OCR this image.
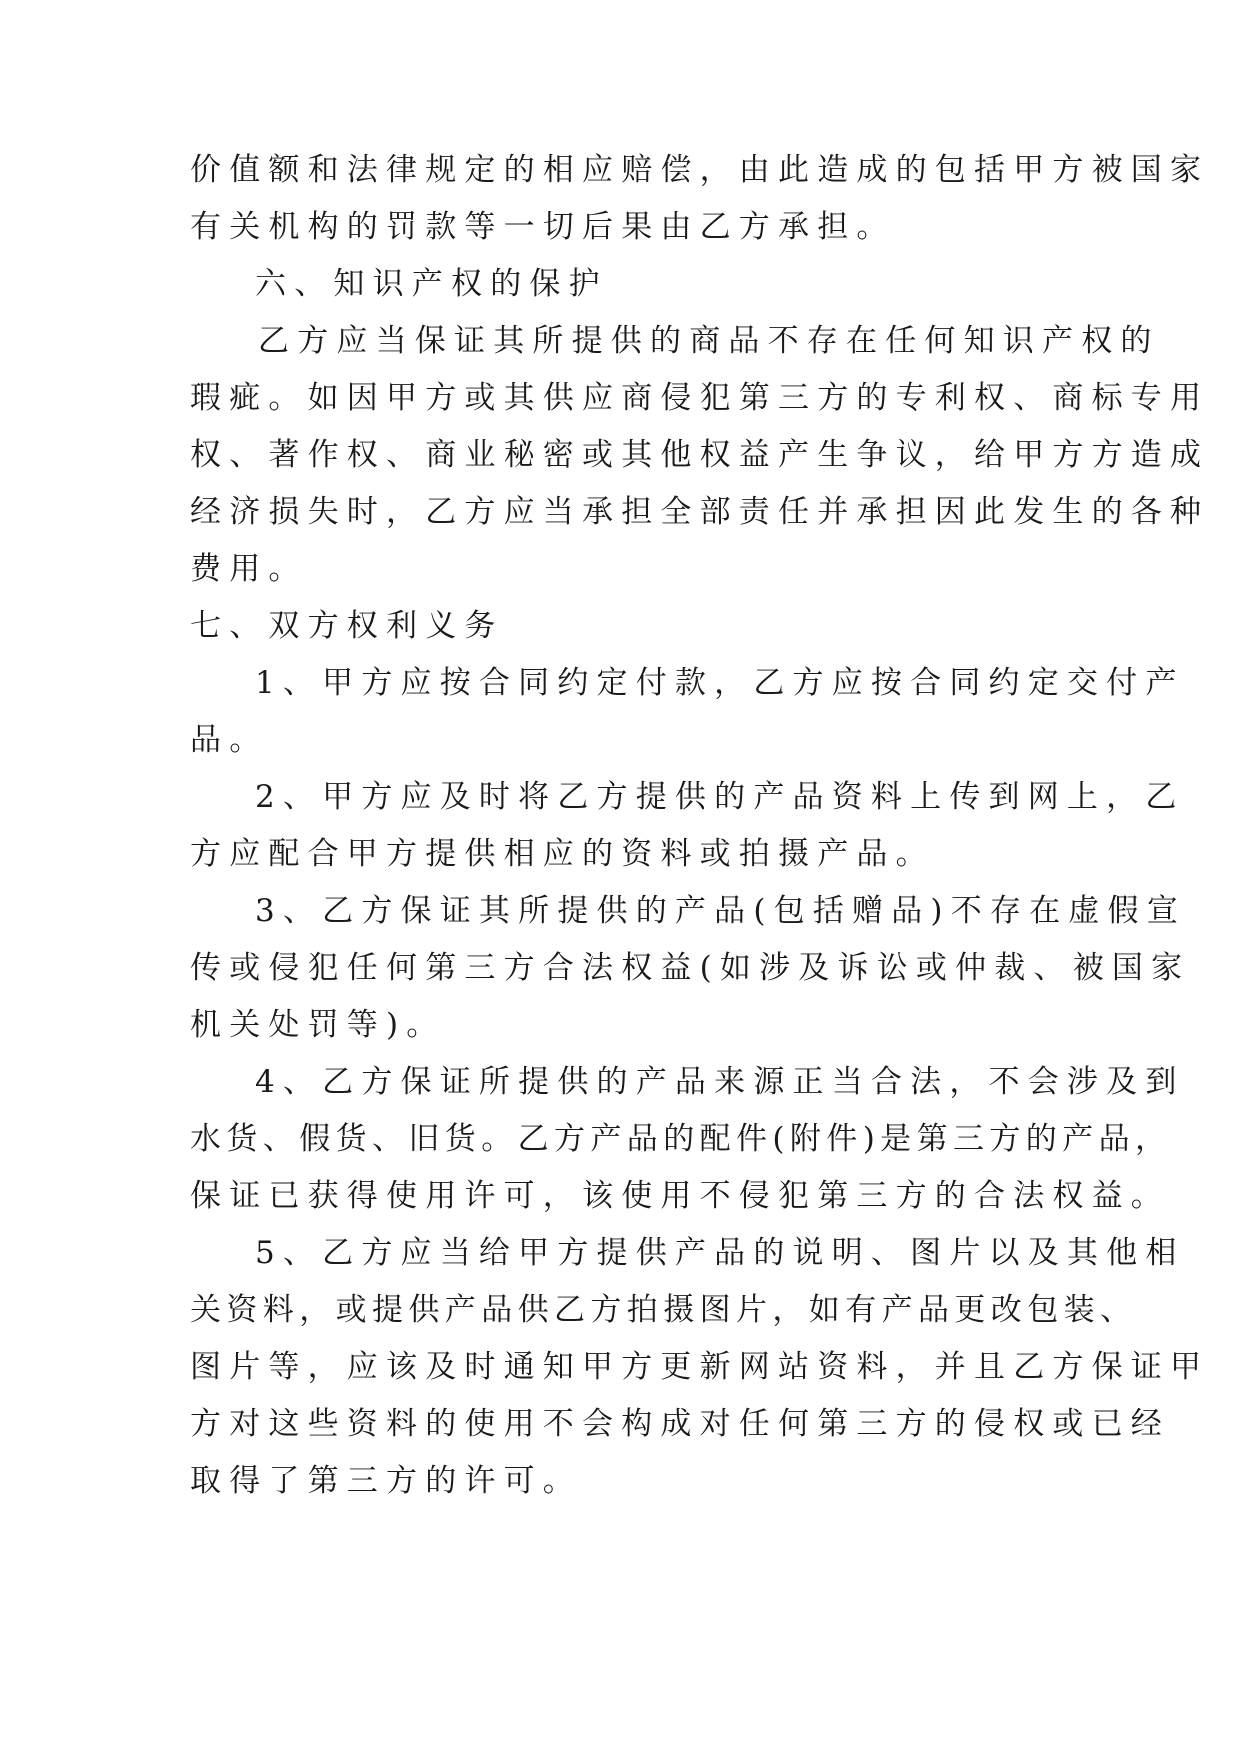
价值额和法律规定的相应赔偿，由此造成的包括甲方被国家
有关机构的罚款等一切后果由乙方承担。
六、知识产权的保护
乙方应当保证其所提供的商品不存在任何知识产权的
瑕疵。如因甲方或其供应商侵犯第三方的专利权、商标专用
权、著作权、商业秘密或其他权益产生争议，给甲方方造成
经济损失时，乙方应当承担全部责任并承担因此发生的各种
费用。
七、双方权利义务
1、甲方应按合同约定付款，乙方应按合同约定交付产
品。
2、甲方应及时将乙方提供的产品资料上传到网上，乙
方应配合甲方提供相应的资料或拍摄产品。
3、乙方保证其所提供的产品(包括赠品)不存在虚假宣
传或侵犯任何第三方合法权益(如涉及诉讼或仲裁、被国家
机关处罚等)。
4、乙方保证所提供的产品来源正当合法，不会涉及到
水货、假货、旧货。乙方产品的配件(附件)是第三方的产品，
保证已获得使用许可，该使用不侵犯第三方的合法权益。
5、乙方应当给甲方提供产品的说明、图片以及其他相
关资料，或提供产品供乙方拍摄图片，如有产品更改包装、
图片等，应该及时通知甲方更新网站资料，并且乙方保证甲
方对这些资料的使用不会构成对任何第三方的侵权或已经
取得了第三方的许可。
